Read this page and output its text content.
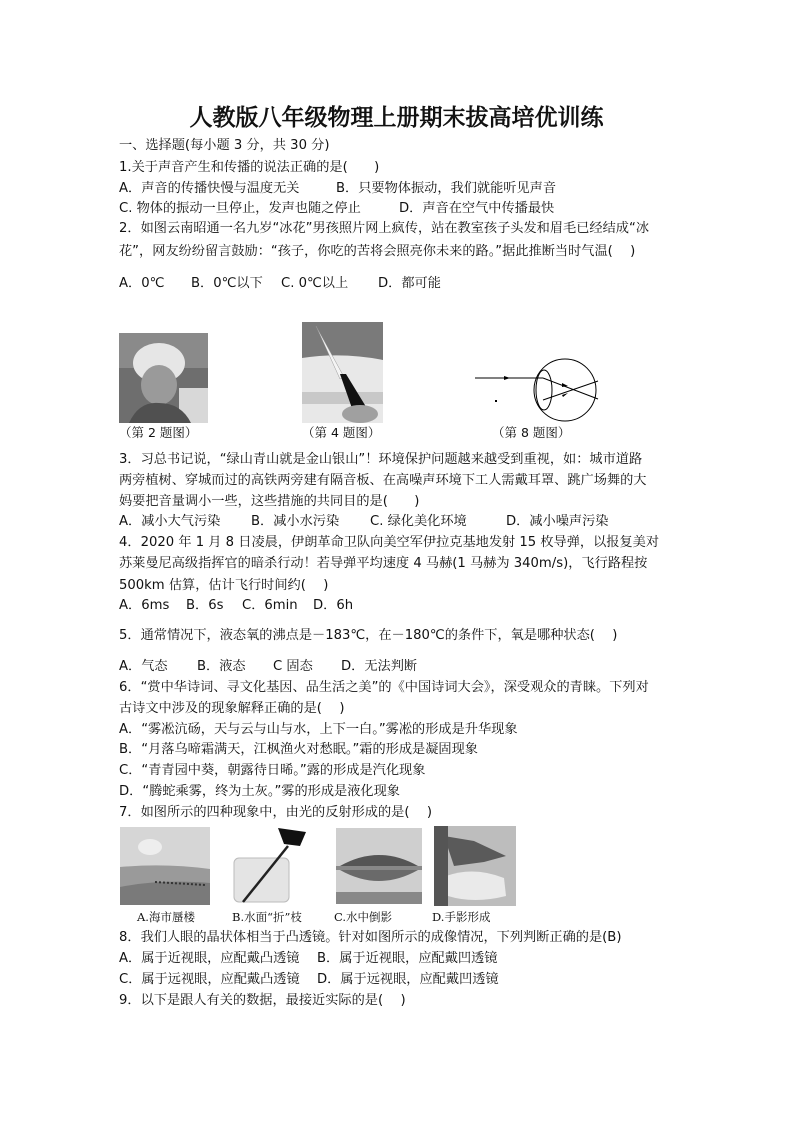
人教版八年级物理上册期末拔高培优训练
一、选择题(每小题 3 分，共 30 分)
1.关于声音产生和传播的说法正确的是(　　)
A．声音的传播快慢与温度无关	B．只要物体振动，我们就能听见声音
C. 物体的振动一旦停止，发声也随之停止	D．声音在空气中传播最快
2．如图云南昭通一名九岁“冰花”男孩照片网上疯传，站在教室孩子头发和眉毛已经结成“冰
花”，网友纷纷留言鼓励：“孩子，你吃的苦将会照亮你未来的路。”据此推断当时气温(　 )
A．0℃ B．0℃以下 C. 0℃以上 D．都可能
（第 2 题图）	（第 4 题图）	（第 8 题图）
3．习总书记说，“绿山青山就是金山银山”！环境保护问题越来越受到重视，如：城市道路
两旁植树、穿城而过的高铁两旁建有隔音板、在高噪声环境下工人需戴耳罩、跳广场舞的大
妈要把音量调小一些，这些措施的共同目的是(　　)
A．减小大气污染 B．减小水污染 C. 绿化美化环境	D．减小噪声污染
4．2020 年 1 月 8 日凌晨，伊朗革命卫队向美空军伊拉克基地发射 15 枚导弹，以报复美对
苏莱曼尼高级指挥官的暗杀行动！若导弹平均速度 4 马赫(1 马赫为 340m/s)，飞行路程按
500km 估算，估计飞行时间约(　 )
A．6ms B．6s C．6min D．6h
5．通常情况下，液态氧的沸点是－183℃，在－180℃的条件下，氧是哪种状态(　 )
A．气态 B．液态 C 固态 D．无法判断
6．“赏中华诗词、寻文化基因、品生活之美”的《中国诗词大会》，深受观众的青睐。下列对
古诗文中涉及的现象解释正确的是(　 )
A．“雾凇沆砀，天与云与山与水，上下一白。”雾凇的形成是升华现象
B．“月落乌啼霜满天，江枫渔火对愁眠。”霜的形成是凝固现象
C．“青青园中葵，朝露待日晞。”露的形成是汽化现象
D．“腾蛇乘雾，终为土灰。”雾的形成是液化现象
7．如图所示的四种现象中，由光的反射形成的是(　 )
A.海市蜃楼	B.水面“折”枝	C.水中倒影	D.手影形成
8．我们人眼的晶状体相当于凸透镜。针对如图所示的成像情况，下列判断正确的是(B)
A．属于近视眼，应配戴凸透镜 B．属于近视眼，应配戴凹透镜
C．属于远视眼，应配戴凸透镜 D．属于远视眼，应配戴凹透镜
9．以下是跟人有关的数据，最接近实际的是(　 )
